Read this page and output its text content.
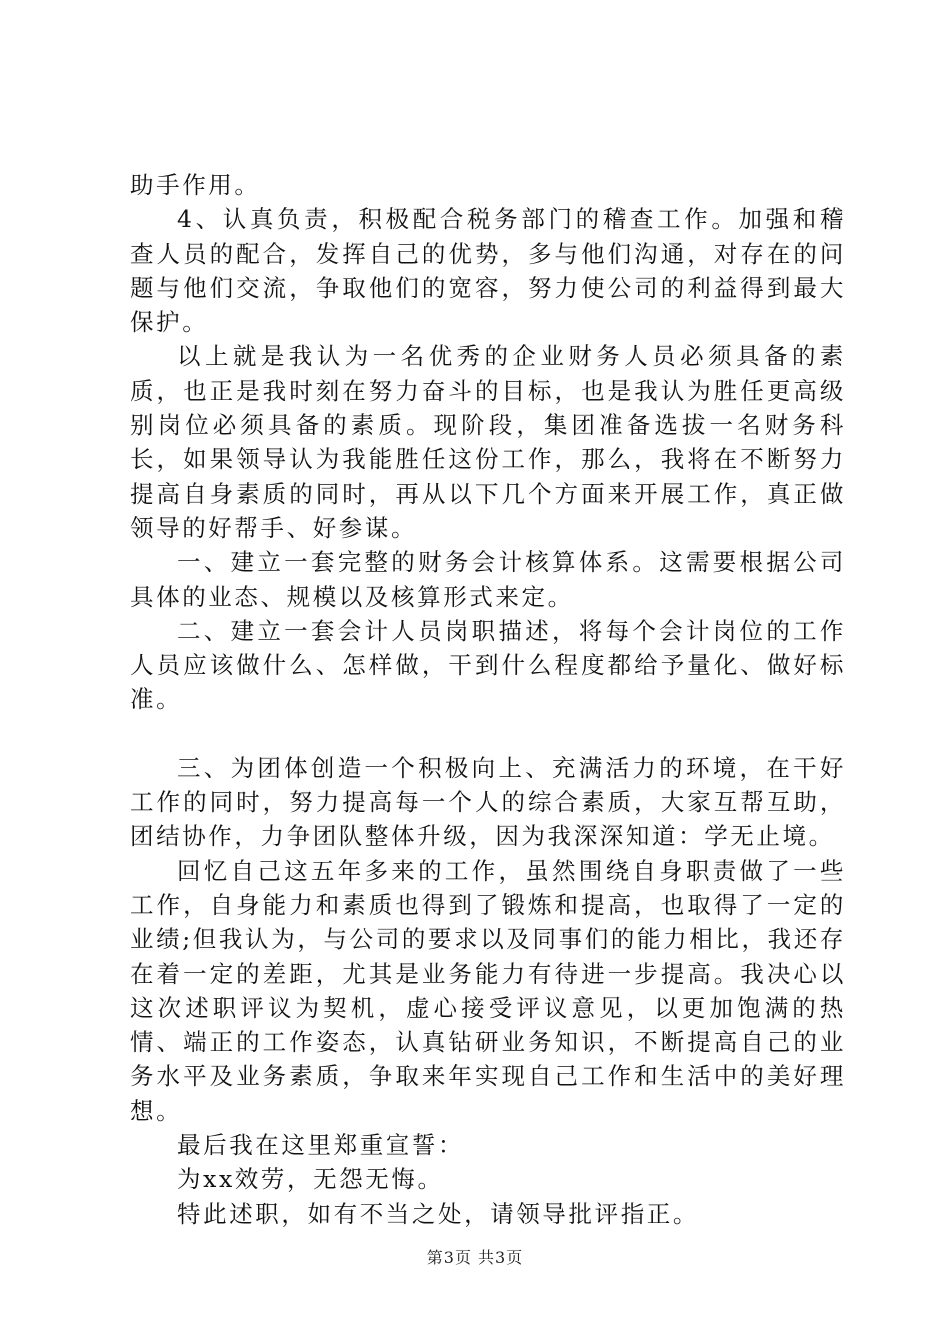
助手作用。

4、认真负责，积极配合税务部门的稽查工作。加强和稽查人员的配合，发挥自己的优势，多与他们沟通，对存在的问题与他们交流，争取他们的宽容，努力使公司的利益得到最大保护。

以上就是我认为一名优秀的企业财务人员必须具备的素质，也正是我时刻在努力奋斗的目标，也是我认为胜任更高级别岗位必须具备的素质。现阶段，集团准备选拔一名财务科长，如果领导认为我能胜任这份工作，那么，我将在不断努力提高自身素质的同时，再从以下几个方面来开展工作，真正做领导的好帮手、好参谋。

一、建立一套完整的财务会计核算体系。这需要根据公司具体的业态、规模以及核算形式来定。

二、建立一套会计人员岗职描述，将每个会计岗位的工作人员应该做什么、怎样做，干到什么程度都给予量化、做好标准。

三、为团体创造一个积极向上、充满活力的环境，在干好工作的同时，努力提高每一个人的综合素质，大家互帮互助，团结协作，力争团队整体升级，因为我深深知道：学无止境。

回忆自己这五年多来的工作，虽然围绕自身职责做了一些工作，自身能力和素质也得到了锻炼和提高，也取得了一定的业绩;但我认为，与公司的要求以及同事们的能力相比，我还存在着一定的差距，尤其是业务能力有待进一步提高。我决心以这次述职评议为契机，虚心接受评议意见，以更加饱满的热情、端正的工作姿态，认真钻研业务知识，不断提高自己的业务水平及业务素质，争取来年实现自己工作和生活中的美好理想。

最后我在这里郑重宣誓：

为xx效劳，无怨无悔。

特此述职，如有不当之处，请领导批评指正。

第3页 共3页
